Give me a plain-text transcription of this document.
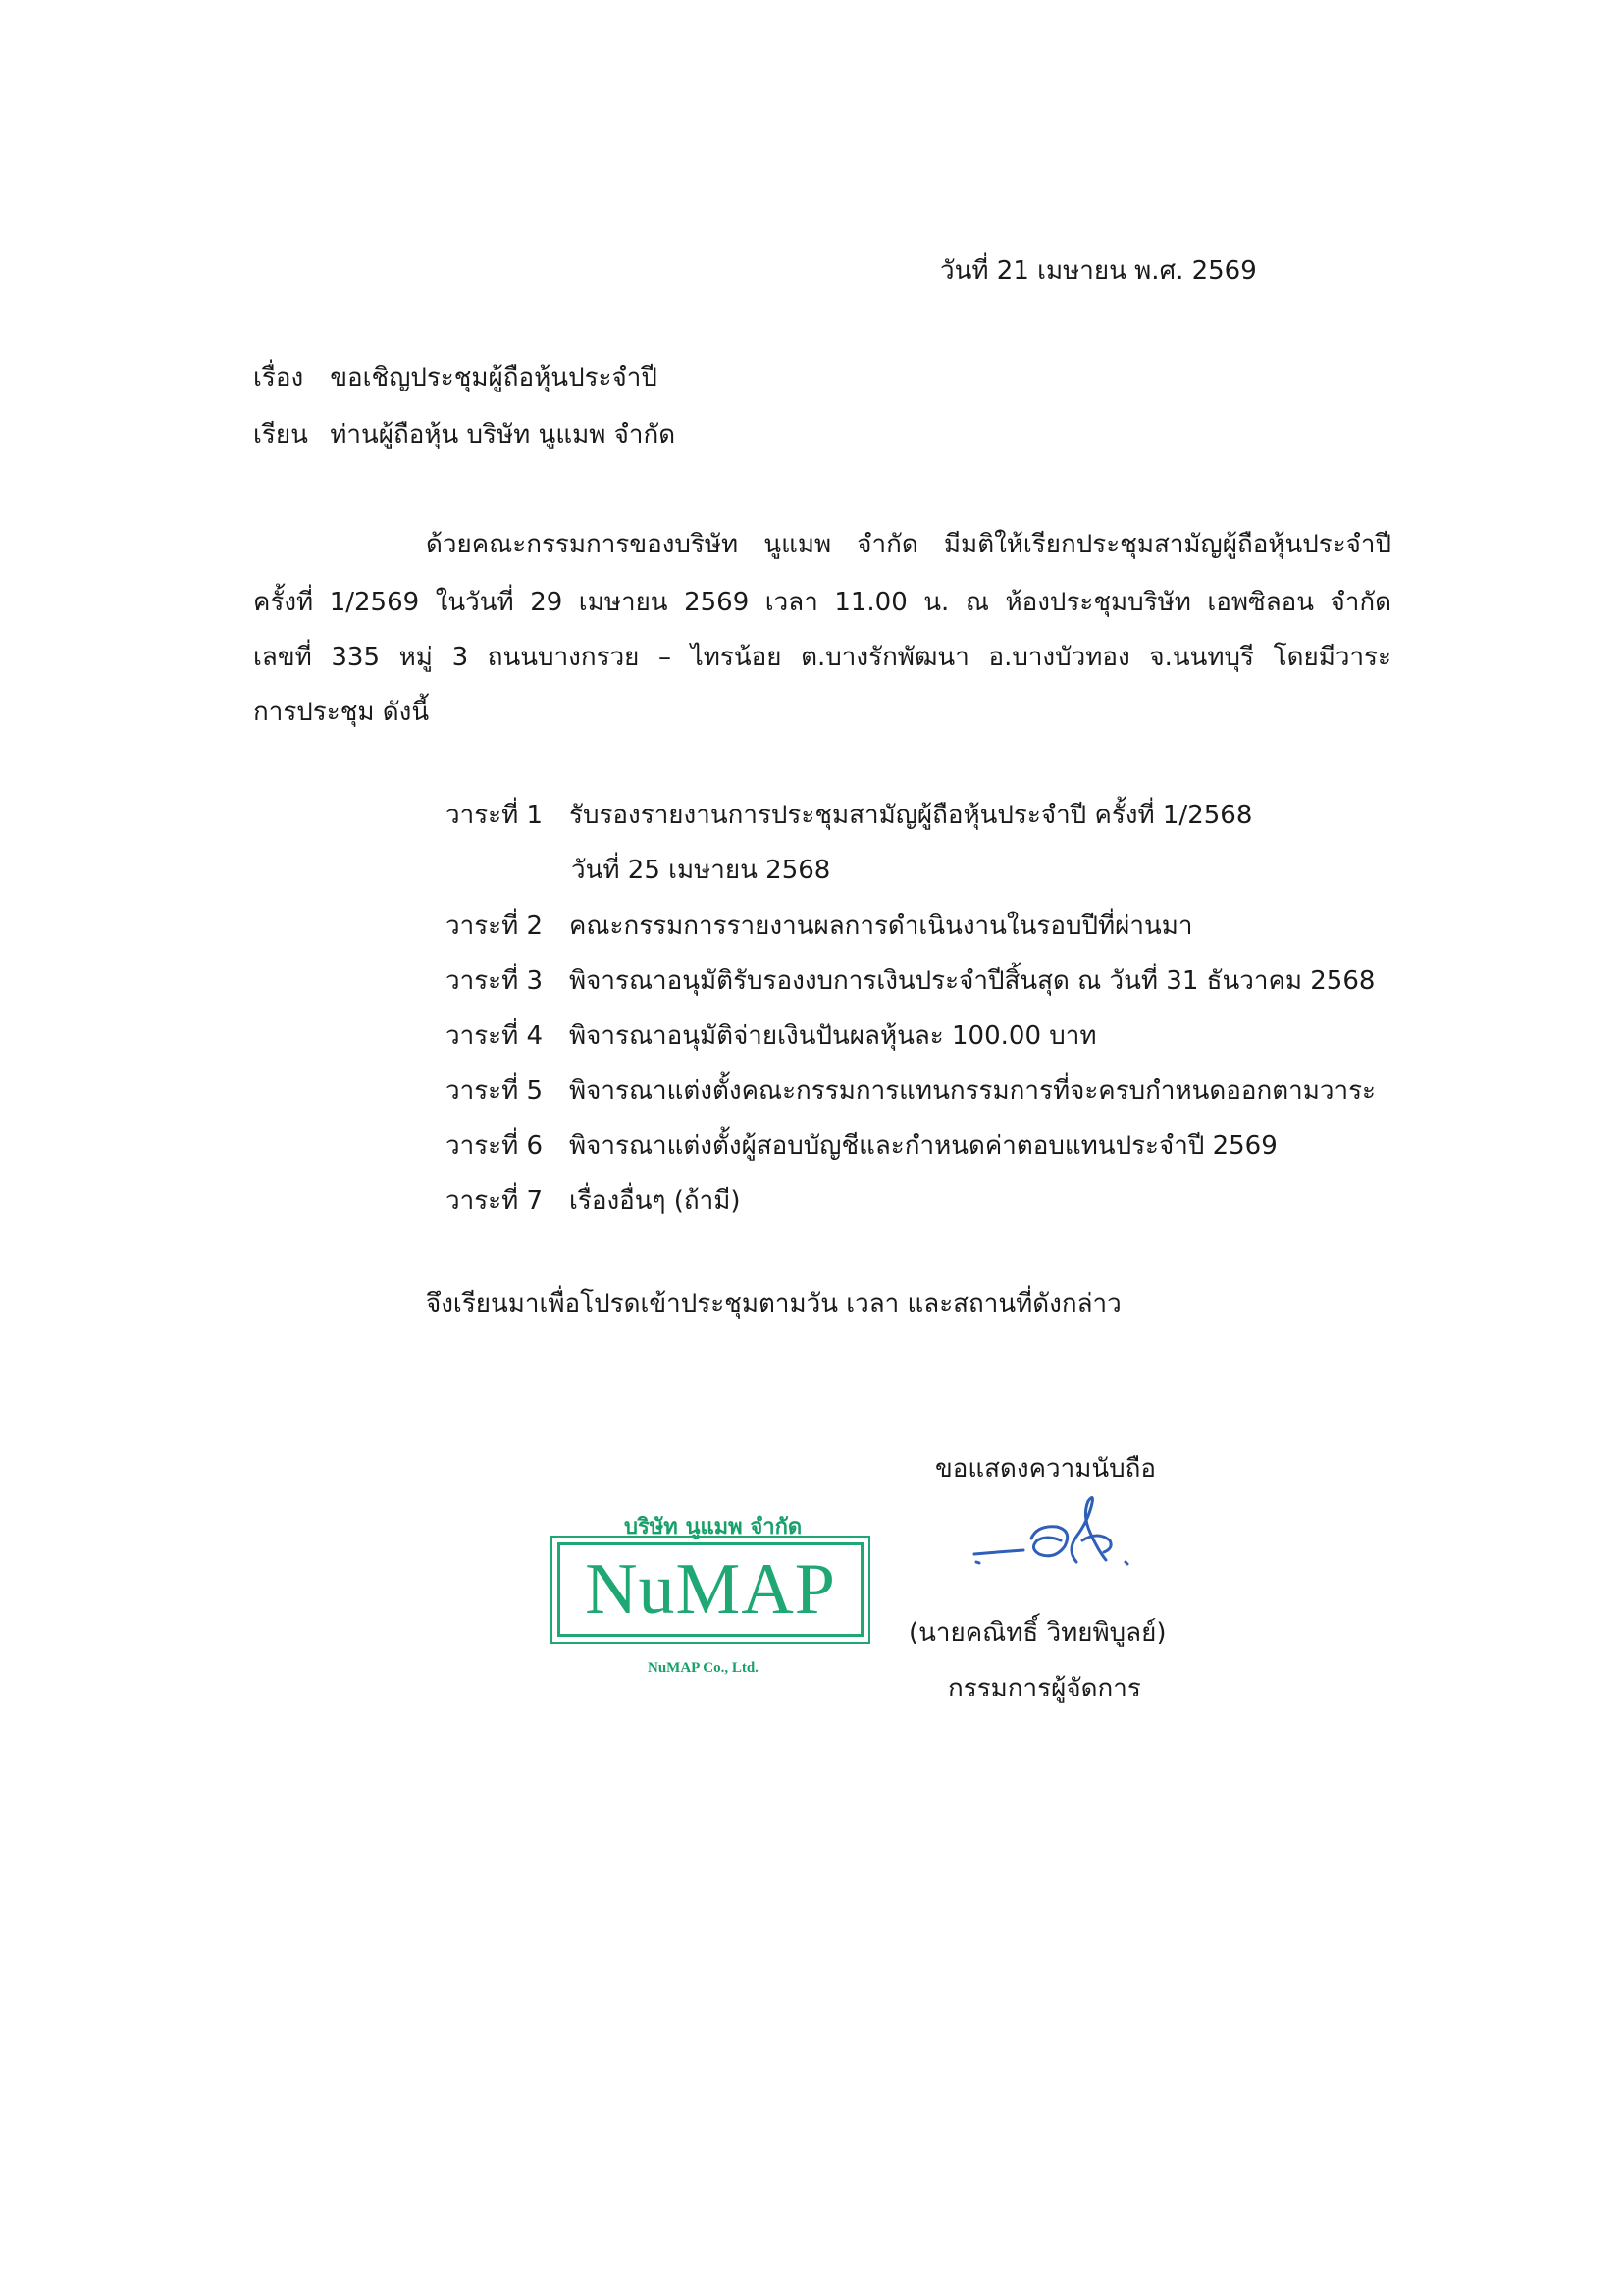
วันที่ 21 เมษายน พ.ศ. 2569
เรื่อง ขอเชิญประชุมผู้ถือหุ้นประจำปี
เรียน ท่านผู้ถือหุ้น บริษัท นูแมพ จำกัด
ด้วยคณะกรรมการของบริษัท นูแมพ จำกัด มีมติให้เรียกประชุมสามัญผู้ถือหุ้นประจำปี
ครั้งที่ 1/2569 ในวันที่ 29 เมษายน 2569 เวลา 11.00 น. ณ ห้องประชุมบริษัท เอพซิลอน จำกัด
เลขที่ 335 หมู่ 3 ถนนบางกรวย – ไทรน้อย ต.บางรักพัฒนา อ.บางบัวทอง จ.นนทบุรี โดยมีวาระ
การประชุม ดังนี้
วาระที่ 1 รับรองรายงานการประชุมสามัญผู้ถือหุ้นประจำปี ครั้งที่ 1/2568
วันที่ 25 เมษายน 2568
วาระที่ 2 คณะกรรมการรายงานผลการดำเนินงานในรอบปีที่ผ่านมา
วาระที่ 3 พิจารณาอนุมัติรับรองงบการเงินประจำปีสิ้นสุด ณ วันที่ 31 ธันวาคม 2568
วาระที่ 4 พิจารณาอนุมัติจ่ายเงินปันผลหุ้นละ 100.00 บาท
วาระที่ 5 พิจารณาแต่งตั้งคณะกรรมการแทนกรรมการที่จะครบกำหนดออกตามวาระ
วาระที่ 6 พิจารณาแต่งตั้งผู้สอบบัญชีและกำหนดค่าตอบแทนประจำปี 2569
วาระที่ 7 เรื่องอื่นๆ (ถ้ามี)
จึงเรียนมาเพื่อโปรดเข้าประชุมตามวัน เวลา และสถานที่ดังกล่าว
ขอแสดงความนับถือ
บริษัท นูแมพ จำกัด
NuMAP
NuMAP Co., Ltd.
(นายคณิทธิ์ วิทยพิบูลย์)
กรรมการผู้จัดการ
